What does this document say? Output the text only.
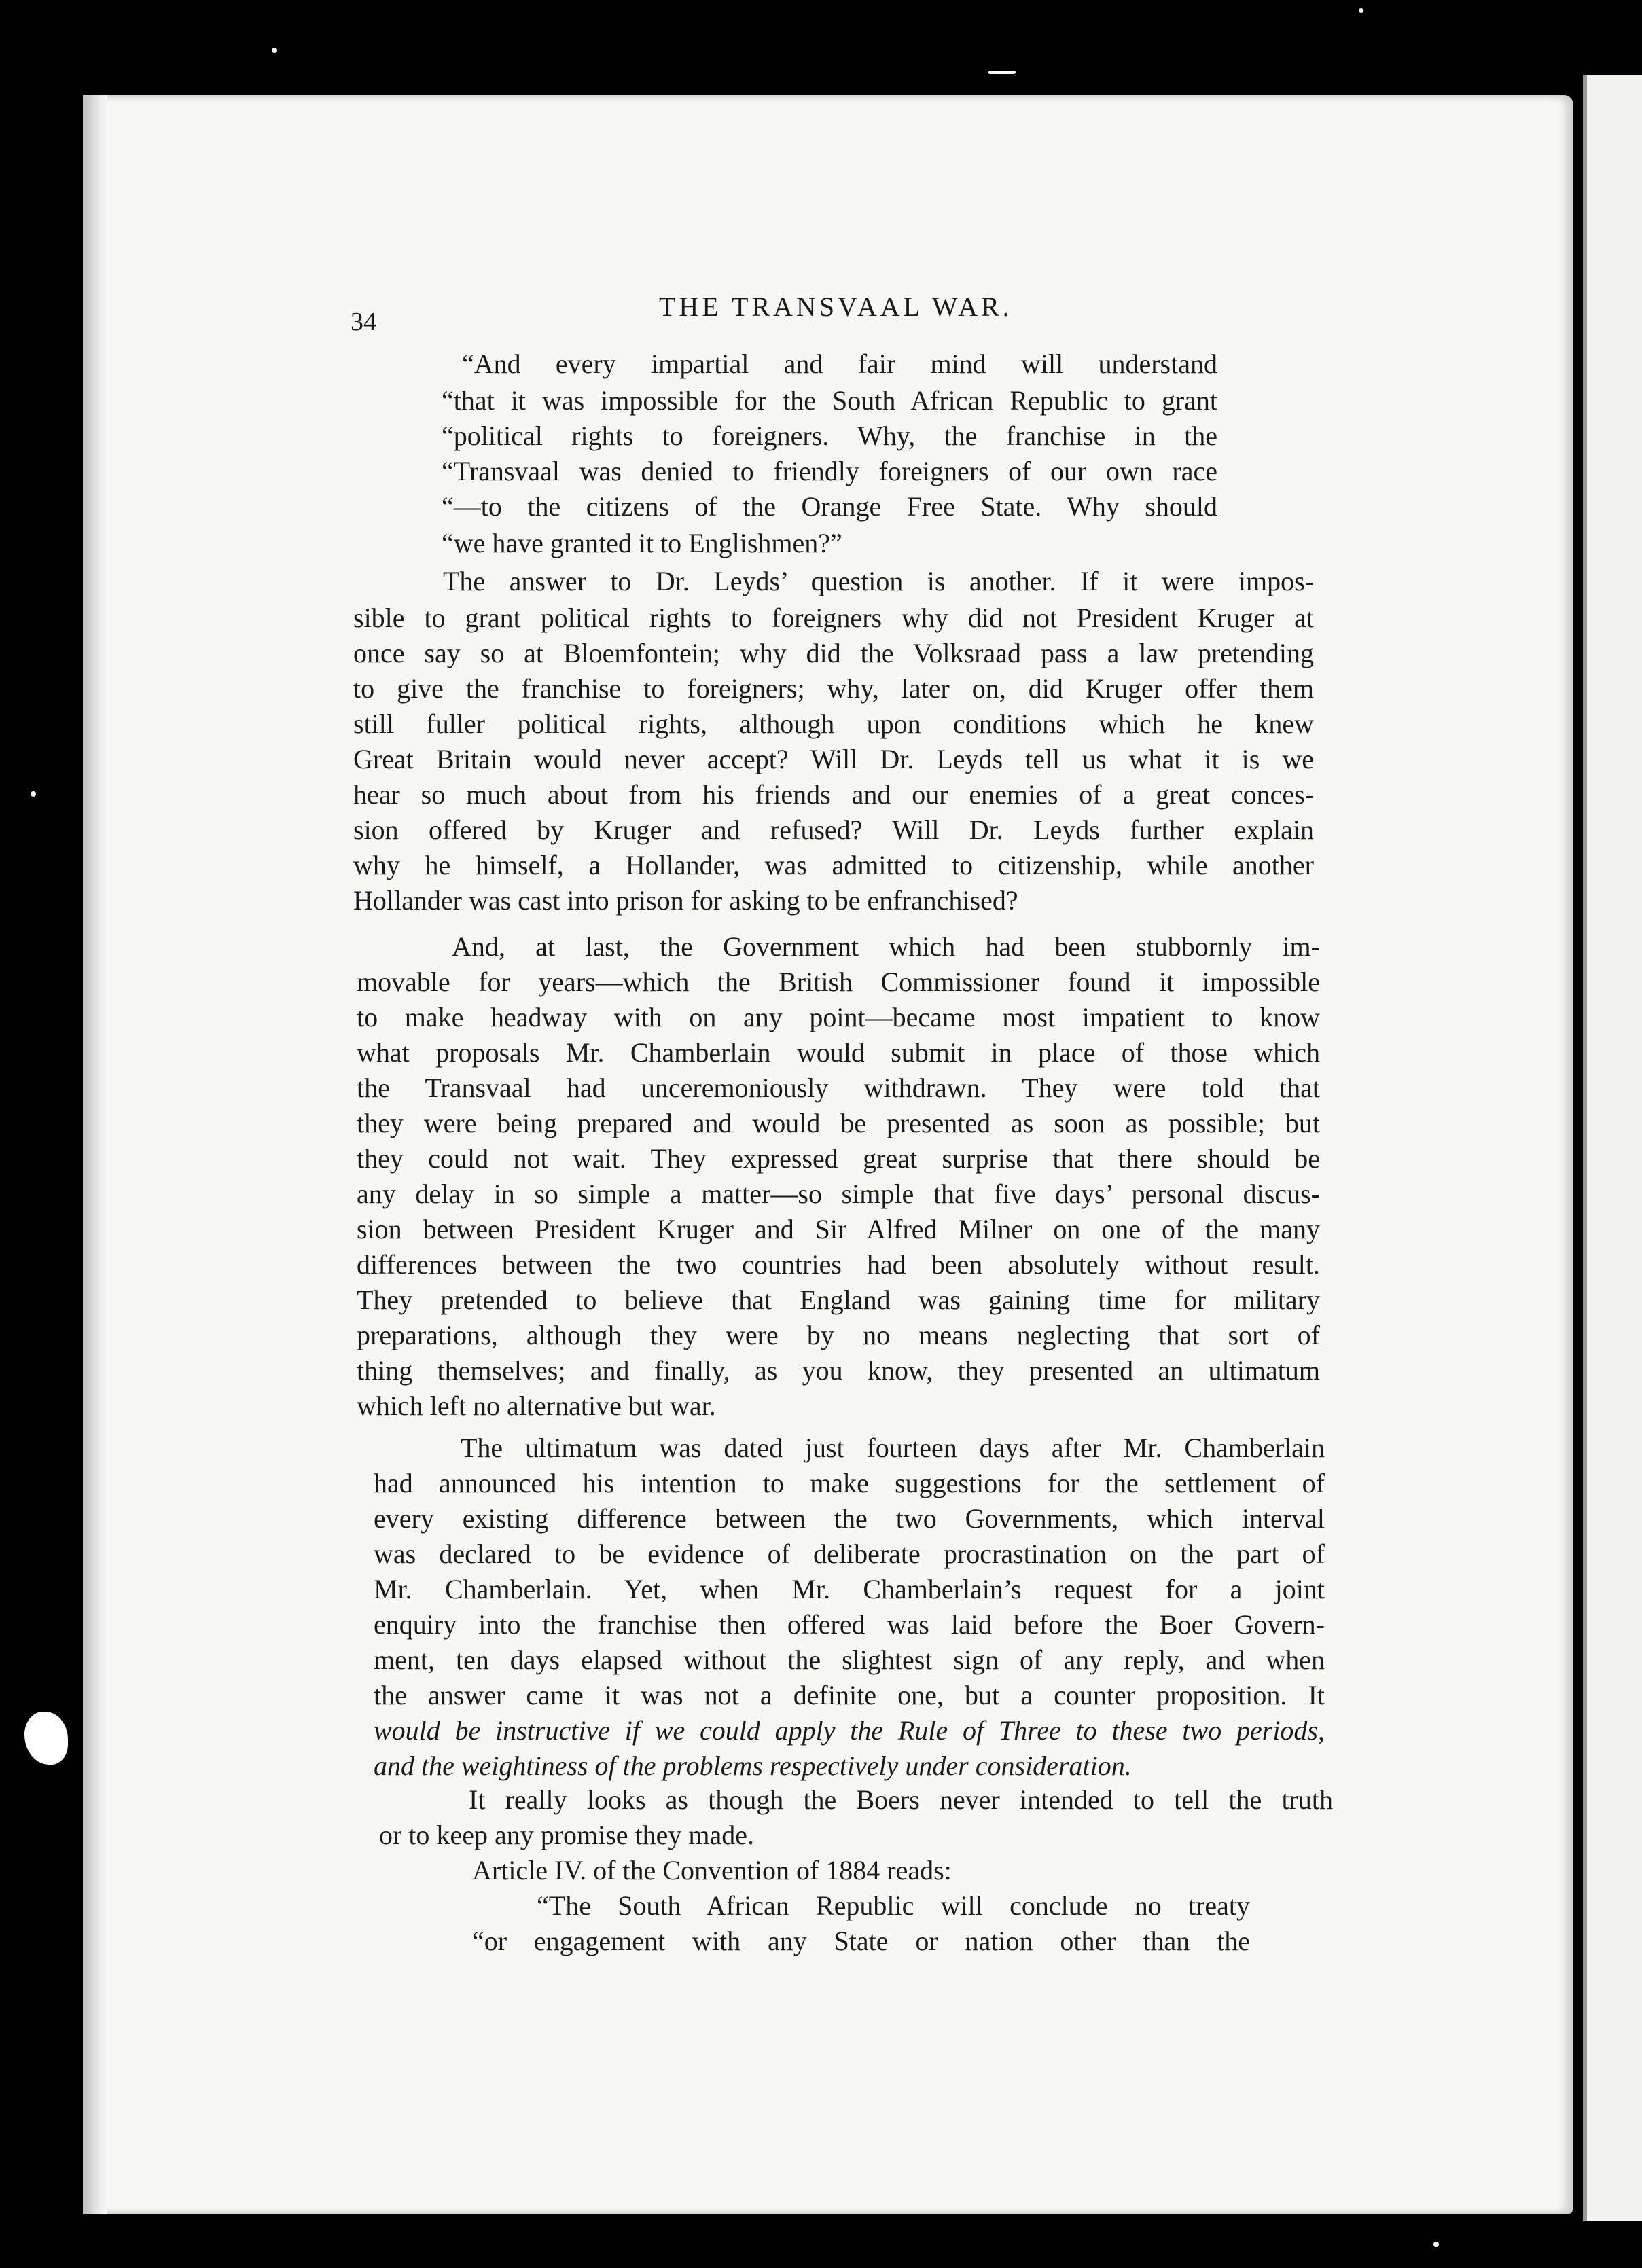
34	THE TRANSVAAL WAR.
“And every impartial and fair mind will understand
“that it was impossible for the South African Republic to grant
“political rights to foreigners. Why, the franchise in the
“Transvaal was denied to friendly foreigners of our own race
“—to the citizens of the Orange Free State. Why should
“we have granted it to Englishmen?”
The answer to Dr. Leyds’ question is another. If it were impos-
sible to grant political rights to foreigners why did not President Kruger at
once say so at Bloemfontein; why did the Volksraad pass a law pretending
to give the franchise to foreigners; why, later on, did Kruger offer them
still fuller political rights, although upon conditions which he knew
Great Britain would never accept? Will Dr. Leyds tell us what it is we
hear so much about from his friends and our enemies of a great conces-
sion offered by Kruger and refused? Will Dr. Leyds further explain
why he himself, a Hollander, was admitted to citizenship, while another
Hollander was cast into prison for asking to be enfranchised?
And, at last, the Government which had been stubbornly im-
movable for years—which the British Commissioner found it impossible
to make headway with on any point—became most impatient to know
what proposals Mr. Chamberlain would submit in place of those which
the Transvaal had unceremoniously withdrawn. They were told that
they were being prepared and would be presented as soon as possible; but
they could not wait. They expressed great surprise that there should be
any delay in so simple a matter—so simple that five days’ personal discus-
sion between President Kruger and Sir Alfred Milner on one of the many
differences between the two countries had been absolutely without result.
They pretended to believe that England was gaining time for military
preparations, although they were by no means neglecting that sort of
thing themselves; and finally, as you know, they presented an ultimatum
which left no alternative but war.
The ultimatum was dated just fourteen days after Mr. Chamberlain
had announced his intention to make suggestions for the settlement of
every existing difference between the two Governments, which interval
was declared to be evidence of deliberate procrastination on the part of
Mr. Chamberlain. Yet, when Mr. Chamberlain’s request for a joint
enquiry into the franchise then offered was laid before the Boer Govern-
ment, ten days elapsed without the slightest sign of any reply, and when
the answer came it was not a definite one, but a counter proposition. It
would be instructive if we could apply the Rule of Three to these two periods,
and the weightiness of the problems respectively under consideration.
It really looks as though the Boers never intended to tell the truth
or to keep any promise they made.
Article IV. of the Convention of 1884 reads:
“The South African Republic will conclude no treaty
“or engagement with any State or nation other than the
